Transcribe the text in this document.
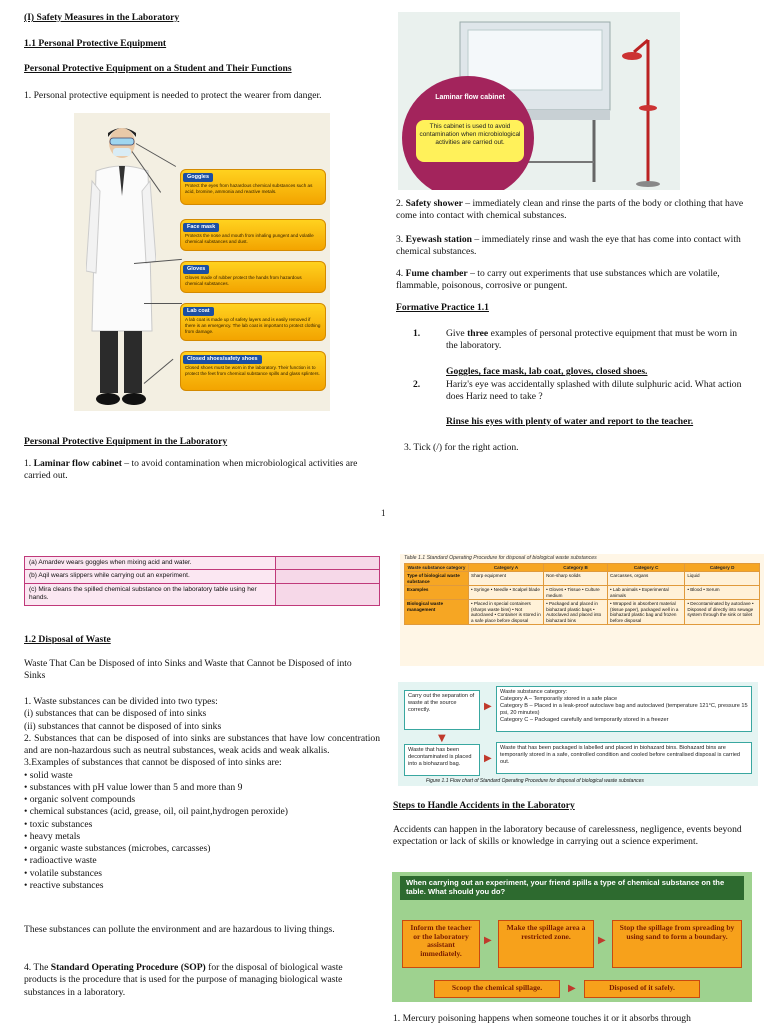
(I) Safety Measures in the Laboratory
1.1 Personal Protective Equipment
Personal Protective Equipment on a Student and Their Functions
1. Personal protective equipment is needed to protect the wearer from danger.
Goggles
Protect the eyes from hazardous chemical substances such as acid, bromine, ammonia and reactive metals.
Face mask
Protects the nose and mouth from inhaling pungent and volatile chemical substances and dust.
Gloves
Gloves made of rubber protect the hands from hazardous chemical substances.
Lab coat
A lab coat is made up of safety layers and is easily removed if there is an emergency. The lab coat is important to protect clothing from damage.
Closed shoes/safety shoes
Closed shoes must be worn in the laboratory. Their function is to protect the feet from chemical substance spills and glass splinters.
Personal Protective Equipment in the Laboratory
1. Laminar flow cabinet – to avoid contamination when microbiological activities are carried out.
Laminar flow cabinet
This cabinet is used to avoid contamination when microbiological activities are carried out.
2. Safety shower – immediately clean and rinse the parts of the body or clothing that have come into contact with chemical substances.
3. Eyewash station – immediately rinse and wash the eye that has come into contact with chemical substances.
4. Fume chamber – to carry out experiments that use substances which are volatile, flammable, poisonous, corrosive or pungent.
Formative Practice 1.1
1.	Give three examples of personal protective equipment that must be worn in the laboratory.
Goggles, face mask, lab coat, gloves, closed shoes.
2.	Hariz's eye was accidentally splashed with dilute sulphuric acid. What action does Hariz need to take ?
Rinse his eyes with plenty of water and report to the teacher.
3. Tick (/) for the right action.
1
(a) Amardev wears goggles when mixing acid and water.	
(b) Aqil wears slippers while carrying out an experiment.	
(c) Mira cleans the spilled chemical substance on the laboratory table using her hands.	
1.2 Disposal of Waste
Waste That Can be Disposed of into Sinks and Waste that Cannot be Disposed of into Sinks
1. Waste substances can be divided into two types:
(i) substances that can be disposed of into sinks
(ii) substances that cannot be disposed of into sinks
2. Substances that can be disposed of into sinks are substances that have low concentration and are non-hazardous such as neutral substances, weak acids and weak alkalis.
3.Examples of substances that cannot be disposed of into sinks are:
• solid waste
• substances with pH value lower than 5 and more than 9
• organic solvent compounds
• chemical substances (acid, grease, oil, oil paint,hydrogen peroxide)
• toxic substances
• heavy metals
• organic waste substances (microbes, carcasses)
• radioactive waste
• volatile substances
• reactive substances
These substances can pollute the environment and are hazardous to living things.
4. The Standard Operating Procedure (SOP) for the disposal of biological waste products is the procedure that is used for the purpose of managing biological waste substances in a laboratory.
Table 1.1 Standard Operating Procedure for disposal of biological waste substances
Waste substance category	Category A	Category B	Category C	Category D
Type of biological waste substance	Sharp equipment	Non-sharp solids	Carcasses, organs	Liquid
Examples	• Syringe • Needle • Scalpel blade	• Gloves • Tissue • Culture medium	• Lab animals • Experimental animals	• Blood • Serum
Biological waste management	• Placed in special containers (sharps waste bins) • Not autoclaved • Container is stored in a safe place before disposal	• Packaged and placed in biohazard plastic bags • Autoclaved and placed into biohazard bins	• Wrapped in absorbent material (tissue paper), packaged well in a biohazard plastic bag and frozen before disposal	• Decontaminated by autoclave • Disposed of directly into sewage system through the sink or toilet
Carry out the separation of waste at the source correctly.	▶
Waste substance category:
Category A – Temporarily stored in a safe place
Category B – Placed in a leak-proof autoclave bag and autoclaved (temperature 121°C, pressure 15 psi, 20 minutes)
Category C – Packaged carefully and temporarily stored in a freezer
▼
Waste that has been decontaminated is placed into a biohazard bag.	▶
Waste that has been packaged is labelled and placed in biohazard bins. Biohazard bins are temporarily stored in a safe, controlled condition and cooled before centralised disposal is carried out.
Figure 1.1 Flow chart of Standard Operating Procedure for disposal of biological waste substances
Steps to Handle Accidents in the Laboratory
Accidents can happen in the laboratory because of carelessness, negligence, events beyond expectation or lack of skills or knowledge in carrying out a science experiment.
When carrying out an experiment, your friend spills a type of chemical substance on the table. What should you do?
Inform the teacher or the laboratory assistant immediately.
▶
Make the spillage area a restricted zone.	▶
Stop the spillage from spreading by using sand to form a boundary.
Scoop the chemical spillage.	▶	Disposed of it safely.
1. Mercury poisoning happens when someone touches it or it absorbs through
